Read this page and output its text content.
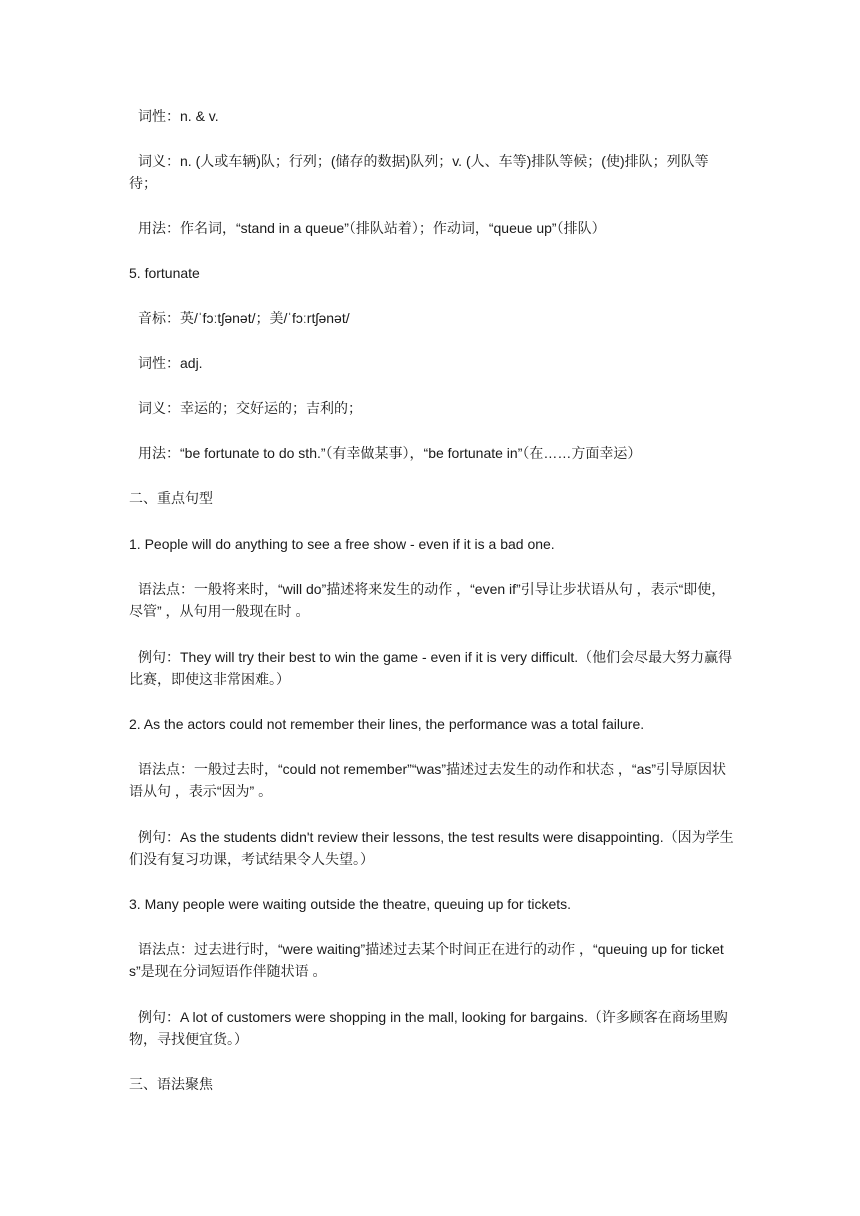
词性：n. & v.

词义：n. (人或车辆)队；行列；(储存的数据)队列；v. (人、车等)排队等候；(使)排队；列队等待；

用法：作名词，“stand in a queue”（排队站着）；作动词，“queue up”（排队）

5. fortunate

音标：英/ˈfɔːtʃənət/；美/ˈfɔːrtʃənət/

词性：adj.

词义：幸运的；交好运的；吉利的；

用法：“be fortunate to do sth.”（有幸做某事），“be fortunate in”（在……方面幸运）

二、重点句型

1. People will do anything to see a free show - even if it is a bad one.

语法点：一般将来时，“will do”描述将来发生的动作 ，“even if”引导让步状语从句 ，表示“即使，尽管” ，从句用一般现在时 。

例句：They will try their best to win the game - even if it is very difficult.（他们会尽最大努力赢得比赛，即使这非常困难。）

2. As the actors could not remember their lines, the performance was a total failure.

语法点：一般过去时，“could not remember”“was”描述过去发生的动作和状态 ，“as”引导原因状语从句 ，表示“因为” 。

例句：As the students didn't review their lessons, the test results were disappointing.（因为学生们没有复习功课，考试结果令人失望。）

3. Many people were waiting outside the theatre, queuing up for tickets.

语法点：过去进行时，“were waiting”描述过去某个时间正在进行的动作 ，“queuing up for tickets”是现在分词短语作伴随状语 。

例句：A lot of customers were shopping in the mall, looking for bargains.（许多顾客在商场里购物，寻找便宜货。）

三、语法聚焦
